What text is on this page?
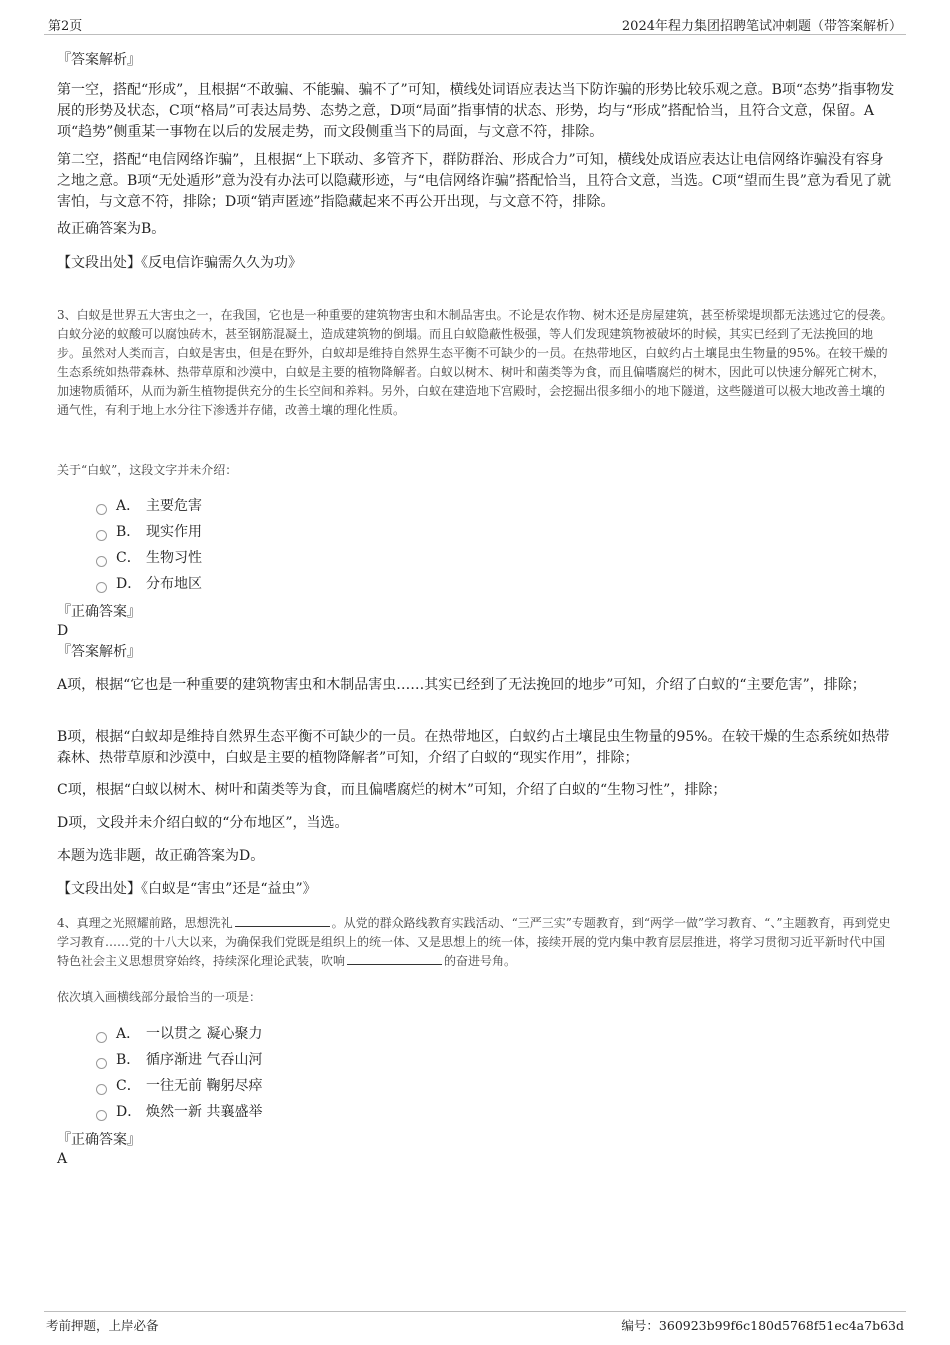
第2页	2024年程力集团招聘笔试冲刺题（带答案解析）
『答案解析』

第一空，搭配“形成”，且根据“不敢骗、不能骗、骗不了”可知，横线处词语应表达当下防诈骗的形势比较乐观之意。B项“态势”指事物发展的形势及状态，C项“格局”可表达局势、态势之意，D项“局面”指事情的状态、形势，均与“形成”搭配恰当，且符合文意，保留。A项“趋势”侧重某一事物在以后的发展走势，而文段侧重当下的局面，与文意不符，排除。

第二空，搭配“电信网络诈骗”，且根据“上下联动、多管齐下，群防群治、形成合力”可知，横线处成语应表达让电信网络诈骗没有容身之地之意。B项“无处遁形”意为没有办法可以隐藏形迹，与“电信网络诈骗”搭配恰当，且符合文意，当选。C项“望而生畏”意为看见了就害怕，与文意不符，排除；D项“销声匿迹”指隐藏起来不再公开出现，与文意不符，排除。

故正确答案为B。
【文段出处】《反电信诈骗需久久为功》

3、白蚁是世界五大害虫之一，在我国，它也是一种重要的建筑物害虫和木制品害虫。不论是农作物、树木还是房屋建筑，甚至桥梁堤坝都无法逃过它的侵袭。白蚁分泌的蚁酸可以腐蚀砖木，甚至钢筋混凝土，造成建筑物的倒塌。而且白蚁隐蔽性极强，等人们发现建筑物被破坏的时候，其实已经到了无法挽回的地步。虽然对人类而言，白蚁是害虫，但是在野外，白蚁却是维持自然界生态平衡不可缺少的一员。在热带地区，白蚁约占土壤昆虫生物量的95%。在较干燥的生态系统如热带森林、热带草原和沙漠中，白蚁是主要的植物降解者。白蚁以树木、树叶和菌类等为食，而且偏嗜腐烂的树木，因此可以快速分解死亡树木，加速物质循环，从而为新生植物提供充分的生长空间和养料。另外，白蚁在建造地下宫殿时，会挖掘出很多细小的地下隧道，这些隧道可以极大地改善土壤的通气性，有利于地上水分往下渗透并存储，改善土壤的理化性质。

关于“白蚁”，这段文字并未介绍：
A． 主要危害
B． 现实作用
C． 生物习性
D． 分布地区
『正确答案』
D
『答案解析』

A项，根据“它也是一种重要的建筑物害虫和木制品害虫……其实已经到了无法挽回的地步”可知，介绍了白蚁的“主要危害”，排除；

B项，根据“白蚁却是维持自然界生态平衡不可缺少的一员。在热带地区，白蚁约占土壤昆虫生物量的95%。在较干燥的生态系统如热带森林、热带草原和沙漠中，白蚁是主要的植物降解者”可知，介绍了白蚁的“现实作用”，排除；

C项，根据“白蚁以树木、树叶和菌类等为食，而且偏嗜腐烂的树木”可知，介绍了白蚁的“生物习性”，排除；
D项，文段并未介绍白蚁的“分布地区”，当选。
本题为选非题，故正确答案为D。
【文段出处】《白蚁是“害虫”还是“益虫”》

4、真理之光照耀前路，思想洗礼	。从党的群众路线教育实践活动、“三严三实”专题教育，到“两学一做”学习教育、“、”主题教育，再到党史学习教育……党的十八大以来，为确保我们党既是组织上的统一体、又是思想上的统一体，接续开展的党内集中教育层层推进，将学习贯彻习近平新时代中国特色社会主义思想贯穿始终，持续深化理论武装，吹响	的奋进号角。

依次填入画横线部分最恰当的一项是：
A． 一以贯之 凝心聚力
B． 循序渐进 气吞山河
C． 一往无前 鞠躬尽瘁
D． 焕然一新 共襄盛举
『正确答案』
A
考前押题，上岸必备	编号：360923b99f6c180d5768f51ec4a7b63d
